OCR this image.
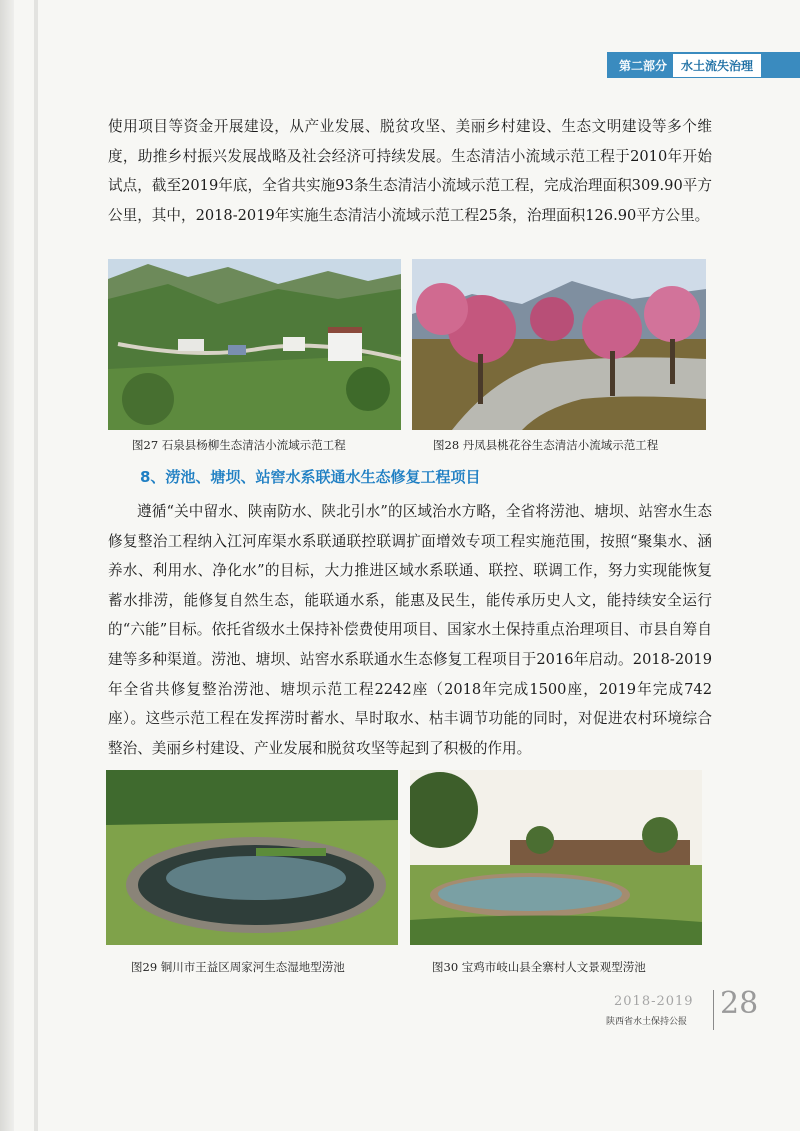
第二部分	水土流失治理

使用项目等资金开展建设，从产业发展、脱贫攻坚、美丽乡村建设、生态文明建设等多个维度，助推乡村振兴发展战略及社会经济可持续发展。生态清洁小流域示范工程于2010年开始试点，截至2019年底，全省共实施93条生态清洁小流域示范工程，完成治理面积309.90平方公里，其中，2018-2019年实施生态清洁小流域示范工程25条，治理面积126.90平方公里。

图27 石泉县杨柳生态清洁小流域示范工程	图28 丹凤县桃花谷生态清洁小流域示范工程
8、涝池、塘坝、站窖水系联通水生态修复工程项目

遵循“关中留水、陕南防水、陕北引水”的区域治水方略，全省将涝池、塘坝、站窖水生态修复整治工程纳入江河库渠水系联通联控联调扩面增效专项工程实施范围，按照“聚集水、涵养水、利用水、净化水”的目标，大力推进区域水系联通、联控、联调工作，努力实现能恢复蓄水排涝，能修复自然生态，能联通水系，能惠及民生，能传承历史人文，能持续安全运行的“六能”目标。依托省级水土保持补偿费使用项目、国家水土保持重点治理项目、市县自筹自建等多种渠道。涝池、塘坝、站窖水系联通水生态修复工程项目于2016年启动。2018-2019年全省共修复整治涝池、塘坝示范工程2242座（2018年完成1500座，2019年完成742座）。这些示范工程在发挥涝时蓄水、旱时取水、枯丰调节功能的同时，对促进农村环境综合整治、美丽乡村建设、产业发展和脱贫攻坚等起到了积极的作用。

图29 铜川市王益区周家河生态湿地型涝池	图30 宝鸡市岐山县全寨村人文景观型涝池
2018-2019
陕西省水土保持公报
28
